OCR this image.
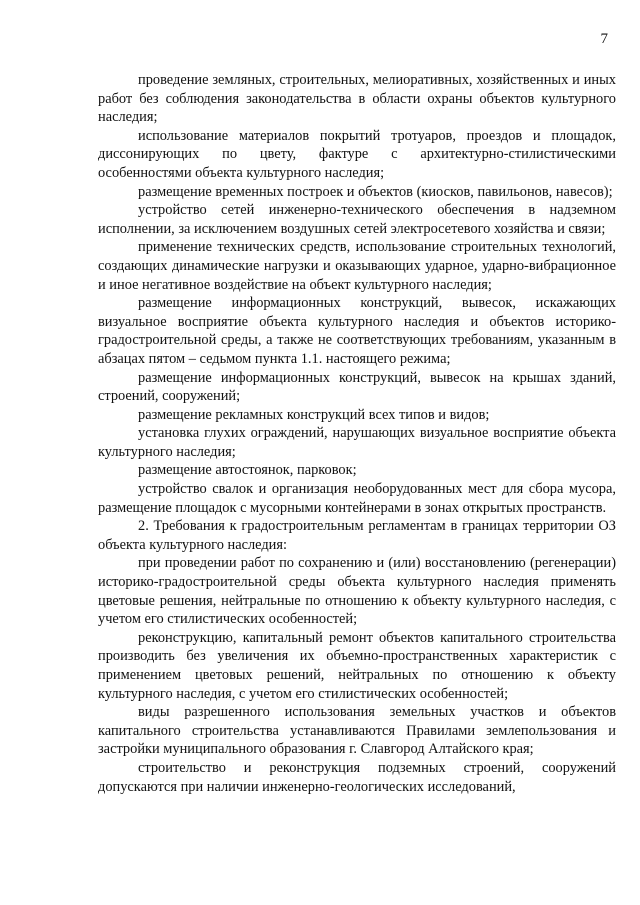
7

проведение земляных, строительных, мелиоративных, хозяйственных и иных работ без соблюдения законодательства в области охраны объектов культурного наследия;

использование материалов покрытий тротуаров, проездов и площадок, диссонирующих по цвету, фактуре с архитектурно-стилистическими особенностями объекта культурного наследия;

размещение временных построек и объектов (киосков, павильонов, навесов);

устройство сетей инженерно-технического обеспечения в надземном исполнении, за исключением воздушных сетей электросетевого хозяйства и связи;

применение технических средств, использование строительных технологий, создающих динамические нагрузки и оказывающих ударное, ударно-вибрационное и иное негативное воздействие на объект культурного наследия;

размещение информационных конструкций, вывесок, искажающих визуальное восприятие объекта культурного наследия и объектов историко-градостроительной среды, а также не соответствующих требованиям, указанным в абзацах пятом – седьмом пункта 1.1. настоящего режима;

размещение информационных конструкций, вывесок на крышах зданий, строений, сооружений;

размещение рекламных конструкций всех типов и видов;

установка глухих ограждений, нарушающих визуальное восприятие объекта культурного наследия;

размещение автостоянок, парковок;

устройство свалок и организация необорудованных мест для сбора мусора, размещение площадок с мусорными контейнерами в зонах открытых пространств.

2. Требования к градостроительным регламентам в границах территории ОЗ объекта культурного наследия:

при проведении работ по сохранению и (или) восстановлению (регенерации) историко-градостроительной среды объекта культурного наследия применять цветовые решения, нейтральные по отношению к объекту культурного наследия, с учетом его стилистических особенностей;

реконструкцию, капитальный ремонт объектов капитального строительства производить без увеличения их объемно-пространственных характеристик с применением цветовых решений, нейтральных по отношению к объекту культурного наследия, с учетом его стилистических особенностей;

виды разрешенного использования земельных участков и объектов капитального строительства устанавливаются Правилами землепользования и застройки муниципального образования г. Славгород Алтайского края;

строительство и реконструкция подземных строений, сооружений допускаются при наличии инженерно-геологических исследований,
